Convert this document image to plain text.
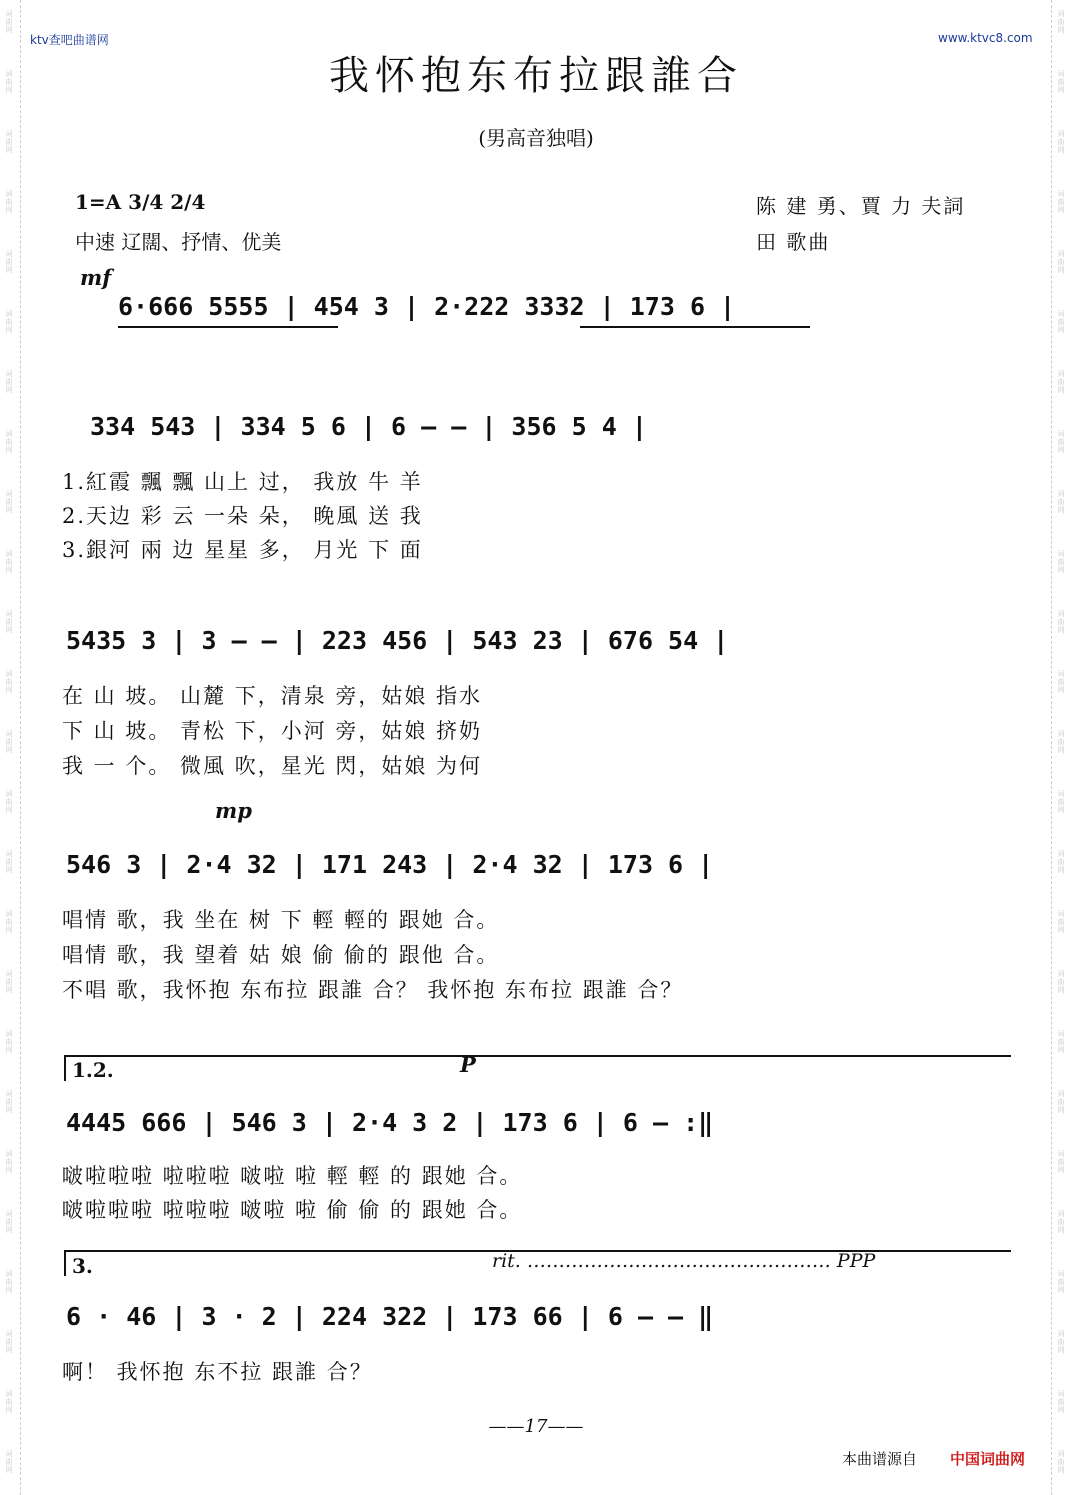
词
曲
网
词
曲
网
词
曲
网
词
曲
网
词
曲
网
词
曲
网
词
曲
网
词
曲
网
词
曲
网
词
曲
网
词
曲
网
词
曲
网
词
曲
网
词
曲
网
词
曲
网
词
曲
网
词
曲
网
词
曲
网
词
曲
网
词
曲
网
词
曲
网
词
曲
网
词
曲
网
词
曲
网
词
曲
网
词
曲
网
词
曲
网
词
曲
网
词
曲
网
词
曲
网
词
曲
网
词
曲
网
词
曲
网
词
曲
网
词
曲
网
词
曲
网
词
曲
网
词
曲
网
词
曲
网
词
曲
网
词
曲
网
词
曲
网
词
曲
网
词
曲
网
词
曲
网
词
曲
网
词
曲
网
词
曲
网
词
曲
网
词
曲
网
ktv查吧曲谱网	www.ktvc8.com
我怀抱东布拉跟誰合
(男高音独唱)
1=A 3/4 2/4
中速 辽闊、抒情、优美
陈 建 勇、賈 力 夫詞
田 歌曲
mf
6·666 5555 | 454 3 | 2·222 3332 | 173 6 |
334 543 | 334 5 6 | 6 — — | 356 5 4 |
1.紅霞 飄 飄 山上 过， 我放 牛 羊
2.天边 彩 云 一朵 朵， 晚風 送 我
3.銀河 兩 边 星星 多， 月光 下 面
5435 3 | 3 — — | 223 456 | 543 23 | 676 54 |
在 山 坡。 山麓 下，清泉 旁，姑娘 指水
下 山 坡。 青松 下，小河 旁，姑娘 挤奶
我 一 个。 微風 吹，星光 閃，姑娘 为何
mp
546 3 | 2·4 32 | 171 243 | 2·4 32 | 173 6 |
唱情 歌，我 坐在 树 下 輕 輕的 跟她 合。
唱情 歌，我 望着 姑 娘 偷 偷的 跟他 合。
不唱 歌，我怀抱 东布拉 跟誰 合？ 我怀抱 东布拉 跟誰 合？
1.2.	P
4445 666 | 546 3 | 2·4 3 2 | 173 6 | 6 — :‖
啵啦啦啦 啦啦啦 啵啦 啦 輕 輕 的 跟她 合。
啵啦啦啦 啦啦啦 啵啦 啦 偷 偷 的 跟她 合。
3.	rit. ………………………………………… PPP
6 · 46 | 3 · 2 | 224 322 | 173 66 | 6 — — ‖
啊！ 我怀抱 东不拉 跟誰 合？
——17——
本曲谱源自 中国词曲网
